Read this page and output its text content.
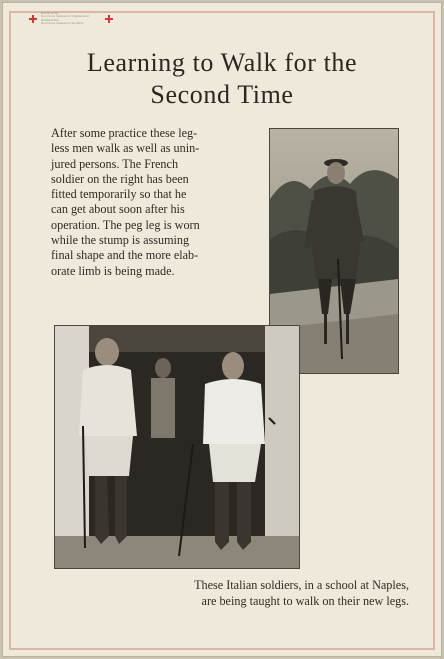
Exhibit of the
Red Cross Institute for Crippled and Disabled Men
Red Cross Institute for the Blind
Learning to Walk for the
Second Time
After some practice these leg-
less men walk as well as unin-
jured persons. The French
soldier on the right has been
fitted temporarily so that he
can get about soon after his
operation. The peg leg is worn
while the stump is assuming
final shape and the more elab-
orate limb is being made.
These Italian soldiers, in a school at Naples,
are being taught to walk on their new legs.
